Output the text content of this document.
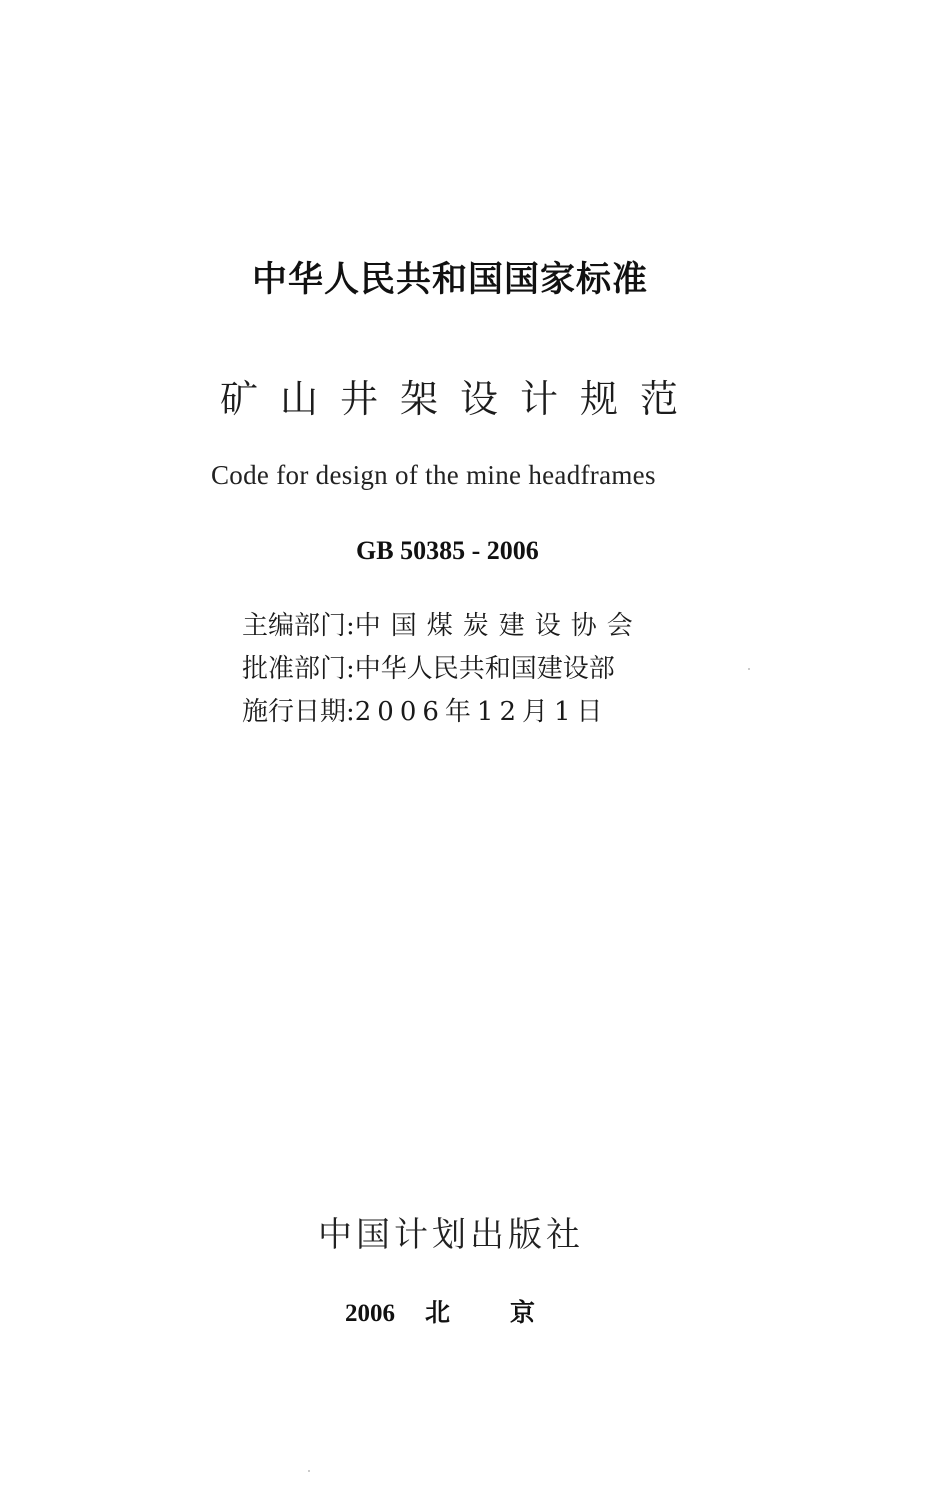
中华人民共和国国家标准
矿山井架设计规范
Code for design of the mine headframes
GB 50385 - 2006
主编部门:中国煤炭建设协会
批准部门:中华人民共和国建设部
施行日期:2006年12月1日
中国计划出版社
2006 北 京
